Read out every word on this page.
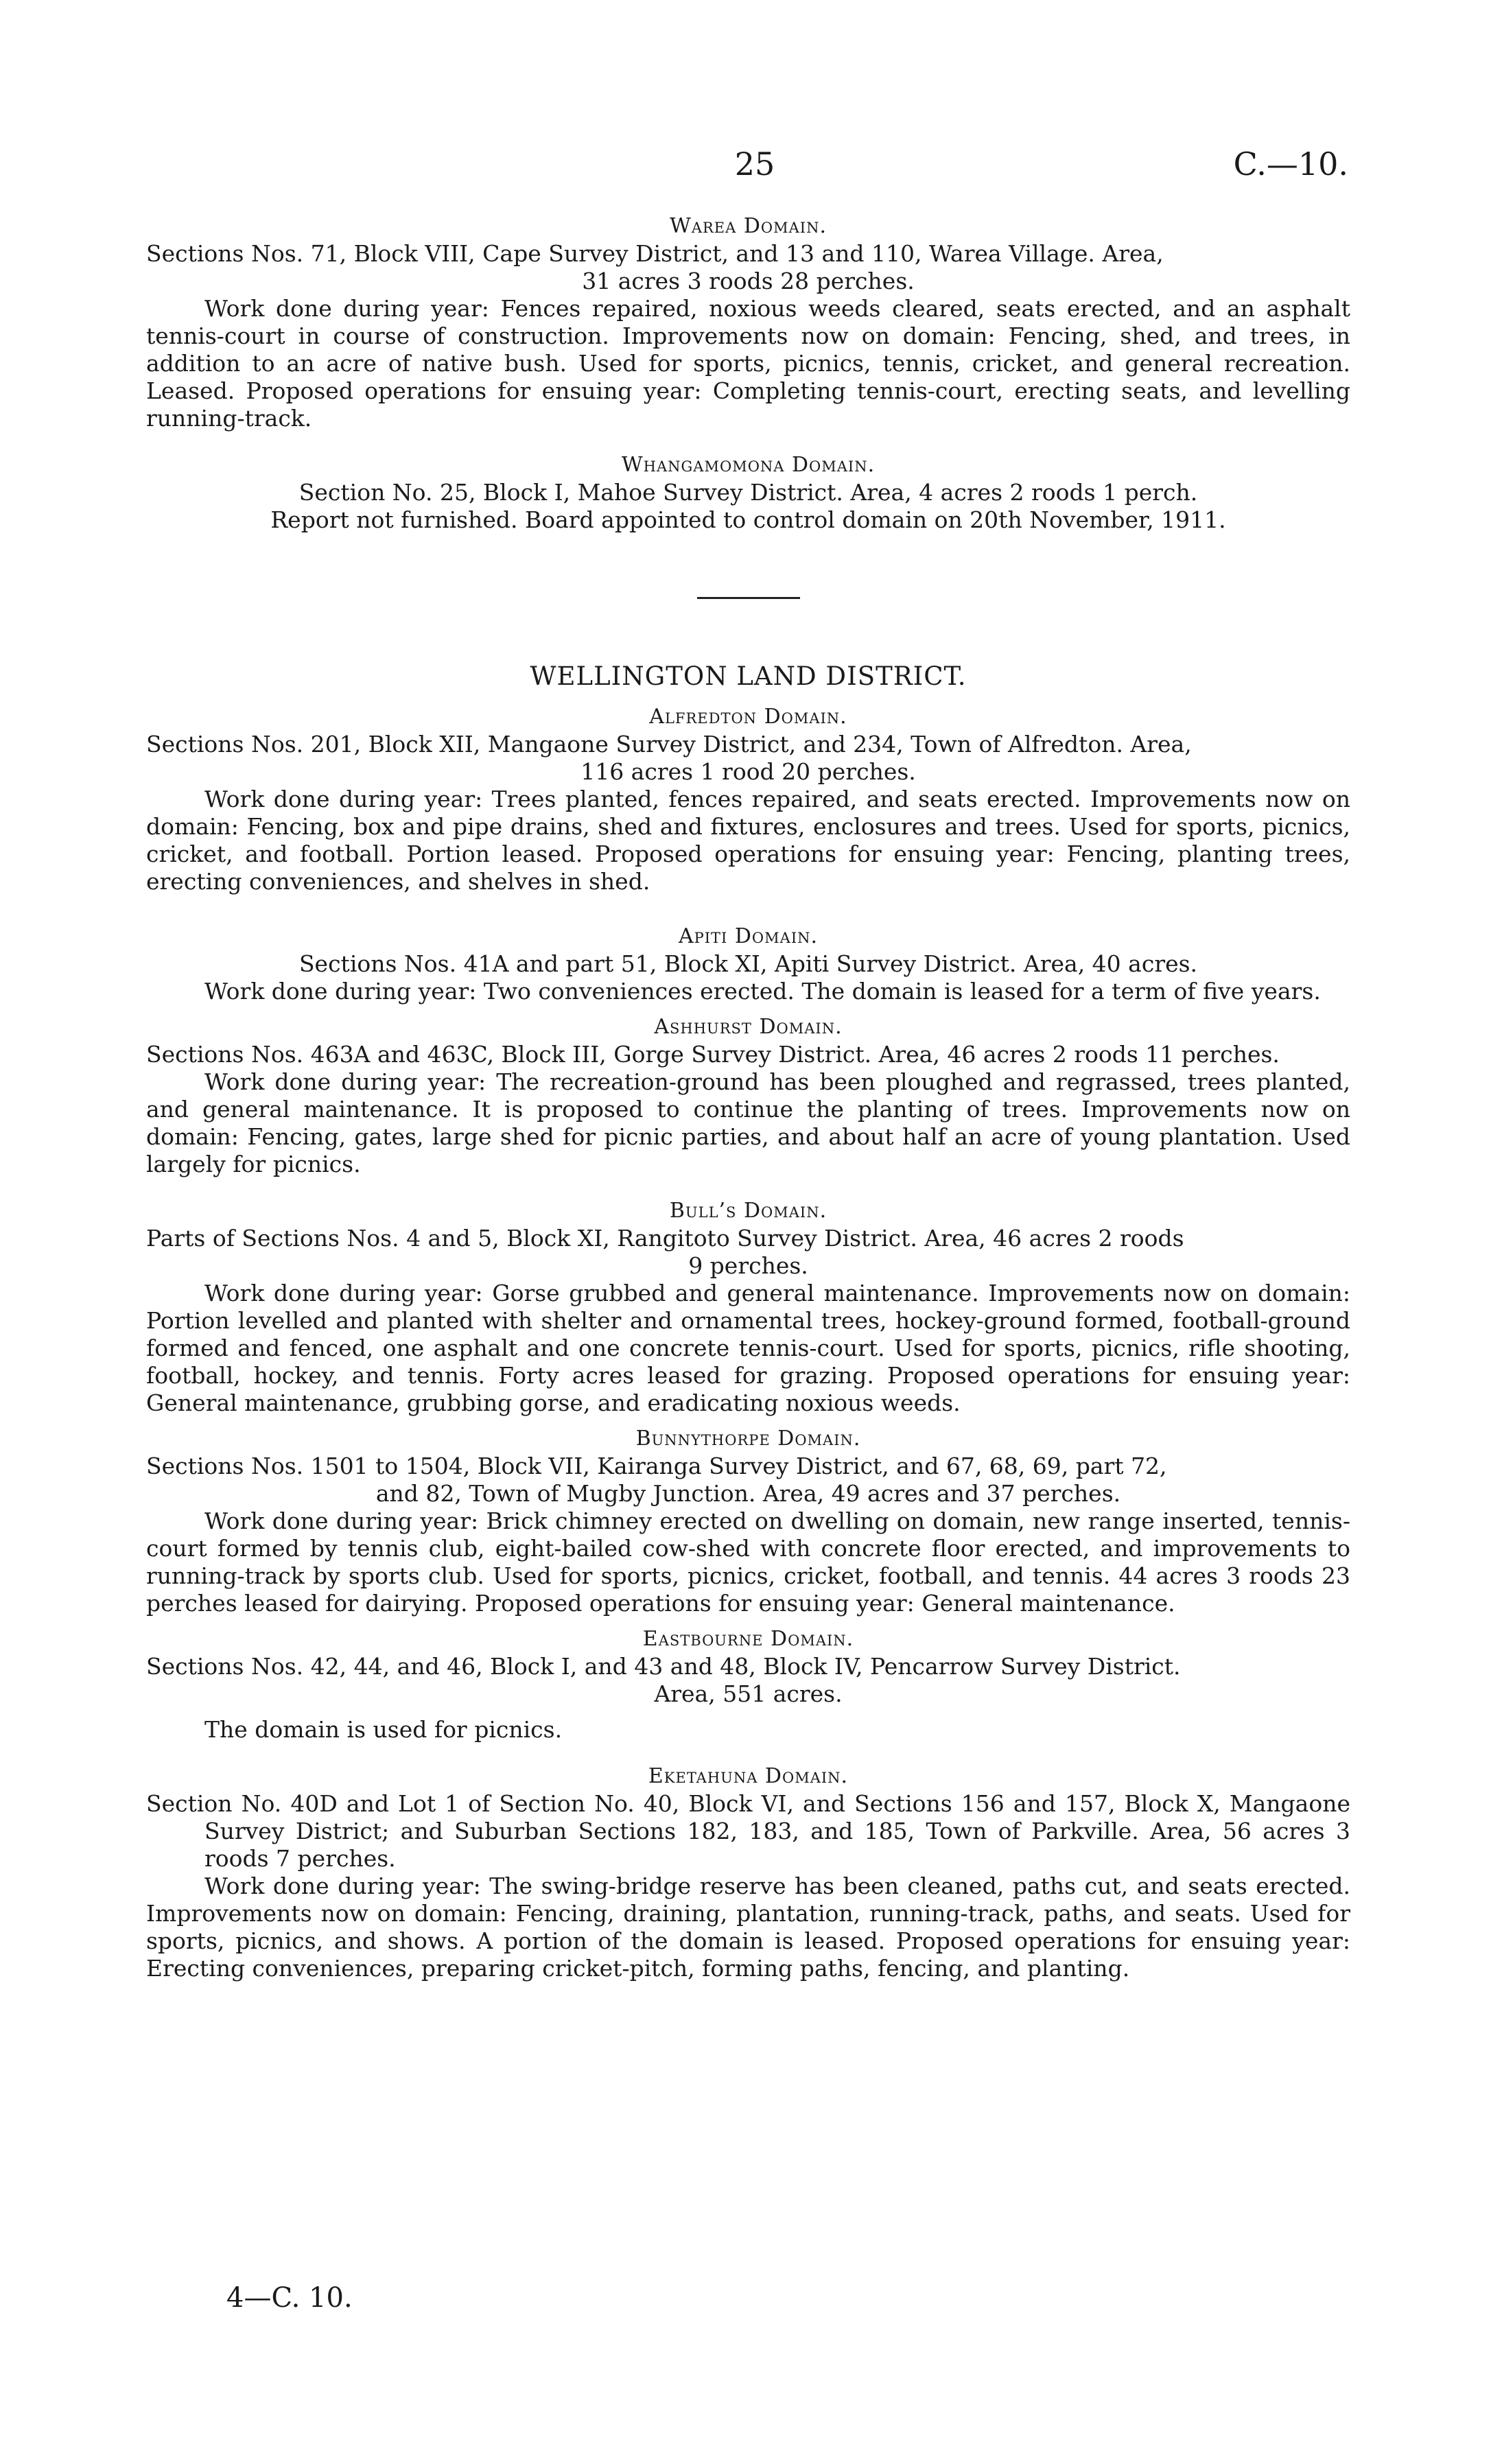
25	C.—10.

Warea Domain.

Sections Nos. 71, Block VIII, Cape Survey District, and 13 and 110, Warea Village. Area,

31 acres 3 roods 28 perches.

Work done during year: Fences repaired, noxious weeds cleared, seats erected, and an asphalt tennis-court in course of construction. Improvements now on domain: Fencing, shed, and trees, in addition to an acre of native bush. Used for sports, picnics, tennis, cricket, and general recreation. Leased. Proposed operations for ensuing year: Completing tennis-court, erecting seats, and levelling running-track.

Whangamomona Domain.

Section No. 25, Block I, Mahoe Survey District. Area, 4 acres 2 roods 1 perch.

Report not furnished. Board appointed to control domain on 20th November, 1911.

WELLINGTON LAND DISTRICT.

Alfredton Domain.

Sections Nos. 201, Block XII, Mangaone Survey District, and 234, Town of Alfredton. Area,

116 acres 1 rood 20 perches.

Work done during year: Trees planted, fences repaired, and seats erected. Improvements now on domain: Fencing, box and pipe drains, shed and fixtures, enclosures and trees. Used for sports, picnics, cricket, and football. Portion leased. Proposed operations for ensuing year: Fencing, planting trees, erecting conveniences, and shelves in shed.

Apiti Domain.

Sections Nos. 41A and part 51, Block XI, Apiti Survey District. Area, 40 acres.

Work done during year: Two conveniences erected. The domain is leased for a term of five years.

Ashhurst Domain.

Sections Nos. 463A and 463C, Block III, Gorge Survey District. Area, 46 acres 2 roods 11 perches.

Work done during year: The recreation-ground has been ploughed and regrassed, trees planted, and general maintenance. It is proposed to continue the planting of trees. Improvements now on domain: Fencing, gates, large shed for picnic parties, and about half an acre of young plantation. Used largely for picnics.

Bull’s Domain.

Parts of Sections Nos. 4 and 5, Block XI, Rangitoto Survey District. Area, 46 acres 2 roods

9 perches.

Work done during year: Gorse grubbed and general maintenance. Improvements now on domain: Portion levelled and planted with shelter and ornamental trees, hockey-ground formed, football-ground formed and fenced, one asphalt and one concrete tennis-court. Used for sports, picnics, rifle shooting, football, hockey, and tennis. Forty acres leased for grazing. Proposed operations for ensuing year: General maintenance, grubbing gorse, and eradicating noxious weeds.

Bunnythorpe Domain.

Sections Nos. 1501 to 1504, Block VII, Kairanga Survey District, and 67, 68, 69, part 72,

and 82, Town of Mugby Junction. Area, 49 acres and 37 perches.

Work done during year: Brick chimney erected on dwelling on domain, new range inserted, tennis-court formed by tennis club, eight-bailed cow-shed with concrete floor erected, and improvements to running-track by sports club. Used for sports, picnics, cricket, football, and tennis. 44 acres 3 roods 23 perches leased for dairying. Proposed operations for ensuing year: General maintenance.

Eastbourne Domain.

Sections Nos. 42, 44, and 46, Block I, and 43 and 48, Block IV, Pencarrow Survey District.

Area, 551 acres.

The domain is used for picnics.

Eketahuna Domain.

Section No. 40D and Lot 1 of Section No. 40, Block VI, and Sections 156 and 157, Block X, Mangaone Survey District; and Suburban Sections 182, 183, and 185, Town of Parkville. Area, 56 acres 3 roods 7 perches.

Work done during year: The swing-bridge reserve has been cleaned, paths cut, and seats erected. Improvements now on domain: Fencing, draining, plantation, running-track, paths, and seats. Used for sports, picnics, and shows. A portion of the domain is leased. Proposed operations for ensuing year: Erecting conveniences, preparing cricket-pitch, forming paths, fencing, and planting.

4—C. 10.
